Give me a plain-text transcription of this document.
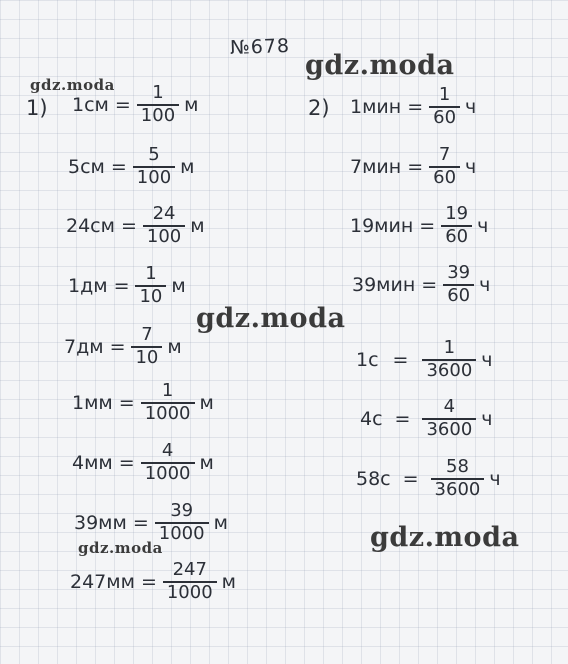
№678
gdz.moda
gdz.moda
gdz.moda
gdz.moda
gdz.moda
1)	2)
$1см = \frac{1}{100}$ м
$5см = \frac{5}{100}$ м
$24см = \frac{24}{100}$ м
$1дм = \frac{1}{10}$ м
$7дм = \frac{7}{10}$ м
$1мм = \frac{1}{1000}$ м
$4мм = \frac{4}{1000}$ м
$39мм = \frac{39}{1000}$ м
$247мм = \frac{247}{1000}$ м
$1мин = \frac{1}{60}$ ч
$7мин = \frac{7}{60}$ ч
$19мин = \frac{19}{60}$ ч
$39мин = \frac{39}{60}$ ч
$1с = \frac{1}{3600}$ ч
$4с = \frac{4}{3600}$ ч
$58с = \frac{58}{3600}$ ч
